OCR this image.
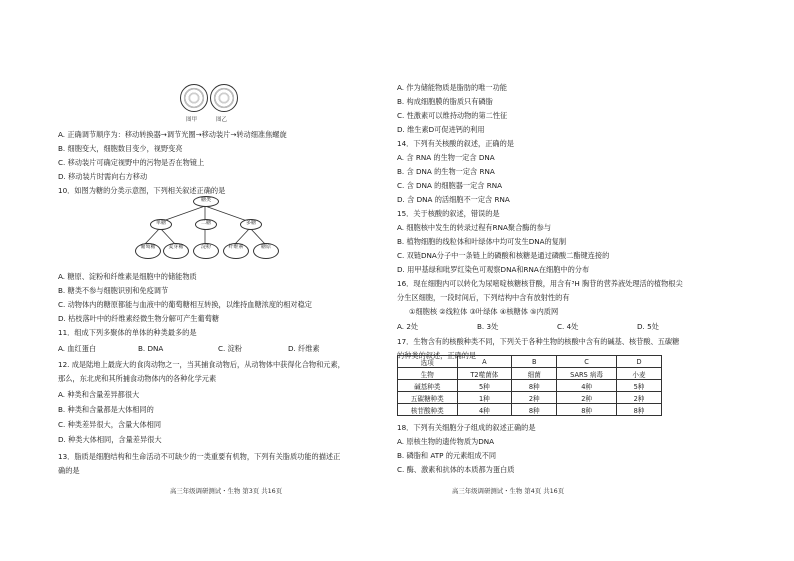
图甲	图乙
A. 正确调节顺序为：移动转换器→调节光圈→移动装片→转动细准焦螺旋
B. 细胞变大，细胞数目变少，视野变亮
C. 移动装片可确定视野中的污物是否在物镜上
D. 移动装片时需向右方移动
10．如图为糖的分类示意图，下列相关叙述正确的是
糖类
单糖	二糖	多糖
葡萄糖	麦芽糖	淀粉	纤维素	糖原
A. 糖原、淀粉和纤维素是细胞中的储能物质
B. 糖类不参与细胞识别和免疫调节
C. 动物体内的糖原都能与血液中的葡萄糖相互转换，以维持血糖浓度的相对稳定
D. 枯枝落叶中的纤维素经微生物分解可产生葡萄糖
11．组成下列多聚体的单体的种类最多的是
A. 血红蛋白	B. DNA	C. 淀粉	D. 纤维素
12. 成是陆地上最庞大的食肉动物之一，当其捕食动物后，从动物体中获得化合物和元素，
那么，东北虎和其所捕食动物体内的各种化学元素
A. 种类和含量差异都很大
B. 种类和含量都是大体相同的
C. 种类差异很大，含量大体相同
D. 种类大体相同，含量差异很大
13．脂质是细胞结构和生命活动不可缺少的一类重要有机物，下列有关脂质功能的描述正
确的是
高三年级调研测试・生物 第3页 共16页
A. 作为储能物质是脂肪的唯一功能
B. 构成细胞膜的脂质只有磷脂
C. 性激素可以维持动物的第二性征
D. 维生素D可促进钙的利用
14．下列有关核酸的叙述，正确的是
A. 含 RNA 的生物一定含 DNA
B. 含 DNA 的生物一定含 RNA
C. 含 DNA 的细胞器一定含 RNA
D. 含 DNA 的活细胞不一定含 RNA
15．关于核酸的叙述，错误的是
A. 细胞核中发生的转录过程有RNA聚合酶的参与
B. 植物细胞的线粒体和叶绿体中均可发生DNA的复制
C. 双链DNA分子中一条链上的磷酸和核糖是通过磷酸二酯键连接的
D. 用甲基绿和吡罗红染色可观察DNA和RNA在细胞中的分布
16．现在细胞内可以转化为尿嘧啶核糖核苷酸，用含有³H 胸苷的营养液处理活的植物根尖
分生区细胞，一段时间后，下列结构中含有放射性的有
①细胞核 ②线粒体 ③叶绿体 ④核糖体 ⑤内质网
A. 2处	B. 3处	C. 4处	D. 5处
17．生物含有的核酸种类不同，下列关于各种生物的核酸中含有的碱基、核苷酸、五碳糖
的种类的叙述，正确的是
选项	A	B	C	D
生物	T2噬菌体	细菌	SARS 病毒	小麦
碱基种类	5种	8种	4种	5种
五碳糖种类	1种	2种	2种	2种
核苷酸种类	4种	8种	8种	8种
18．下列有关细胞分子组成的叙述正确的是
A. 原核生物的遗传物质为DNA
B. 磷脂和 ATP 的元素组成不同
C. 酶、激素和抗体的本质都为蛋白质
高三年级调研测试・生物 第4页 共16页
